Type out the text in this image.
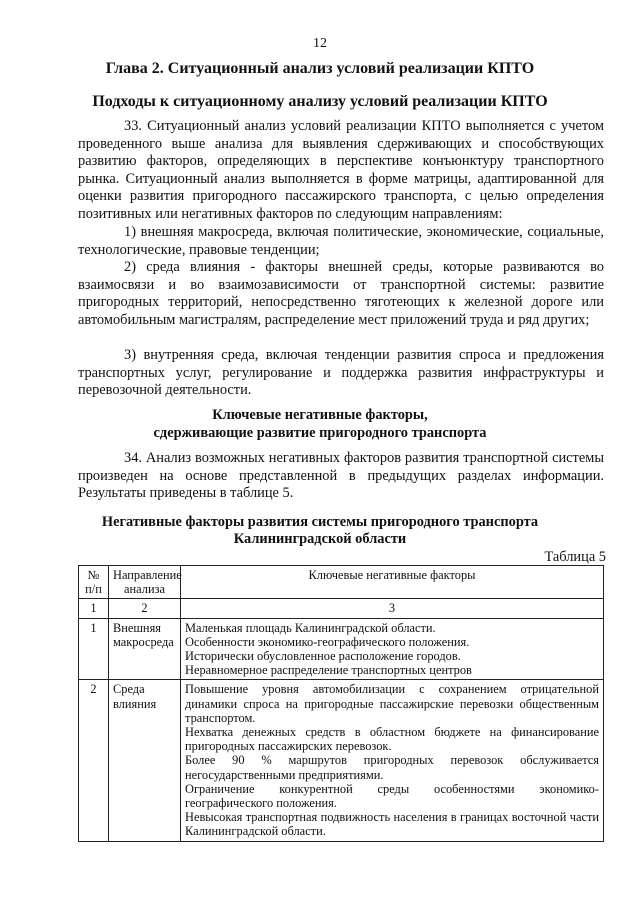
12
Глава 2. Ситуационный анализ условий реализации КПТО
Подходы к ситуационному анализу условий реализации КПТО

33. Ситуационный анализ условий реализации КПТО выполняется с учетом проведенного выше анализа для выявления сдерживающих и способствующих развитию факторов, определяющих в перспективе конъюнктуру транспортного рынка. Ситуационный анализ выполняется в форме матрицы, адаптированной для оценки развития пригородного пассажирского транспорта, с целью определения позитивных или негативных факторов по следующим направлениям:

1) внешняя макросреда, включая политические, экономические, социальные, технологические, правовые тенденции;

2) среда влияния - факторы внешней среды, которые развиваются во взаимосвязи и во взаимозависимости от транспортной системы: развитие пригородных территорий, непосредственно тяготеющих к железной дороге или автомобильным магистралям, распределение мест приложений труда и ряд других;

3) внутренняя среда, включая тенденции развития спроса и предложения транспортных услуг, регулирование и поддержка развития инфраструктуры и перевозочной деятельности.

Ключевые негативные факторы,
сдерживающие развитие пригородного транспорта

34. Анализ возможных негативных факторов развития транспортной системы произведен на основе представленной в предыдущих разделах информации. Результаты приведены в таблице 5.

Негативные факторы развития системы пригородного транспорта
Калининградской области
Таблица 5
№ п/п	Направление анализа	Ключевые негативные факторы
1	2	3
1	Внешняя макросреда	Маленькая площадь Калининградской области.
Особенности экономико-географического положения.
Исторически обусловленное расположение городов.
Неравномерное распределение транспортных центров

2	Среда влияния	Повышение уровня автомобилизации с сохранением отрицательной динамики спроса на пригородные пассажирские перевозки общественным транспортом.
Нехватка денежных средств в областном бюджете на финансирование пригородных пассажирских перевозок.
Более 90 % маршрутов пригородных перевозок обслуживается негосударственными предприятиями.
Ограничение конкурентной среды особенностями экономико-географического положения.
Невысокая транспортная подвижность населения в границах восточной части Калининградской области.
